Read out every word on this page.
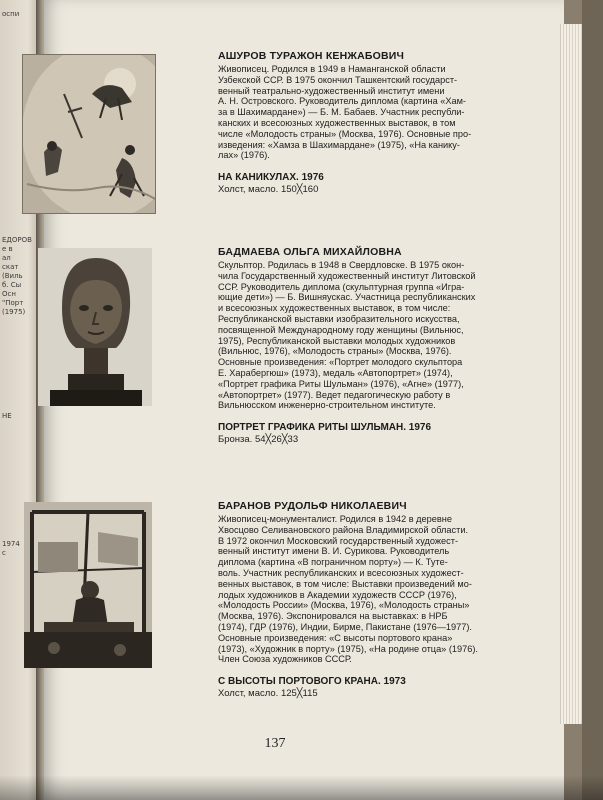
оспи
ЕДОРОВ
е в
ал
скат
(Виль
б. Сы
Осн
"Порт
(1975)
НЕ
1974
с
АШУРОВ ТУРАЖОН КЕНЖАБОВИЧ
Живописец. Родился в 1949 в Наманганской области
Узбекской ССР. В 1975 окончил Ташкентский государст-
венный театрально-художественный институт имени
А. Н. Островского. Руководитель диплома (картина «Хам-
за в Шахимардане») — Б. М. Бабаев. Участник республи-
канских и всесоюзных художественных выставок, в том
числе «Молодость страны» (Москва, 1976). Основные про-
изведения: «Хамза в Шахимардане» (1975), «На канику-
лах» (1976).
НА КАНИКУЛАХ. 1976
Холст, масло. 150╳160
БАДМАЕВА ОЛЬГА МИХАЙЛОВНА
Скульптор. Родилась в 1948 в Свердловске. В 1975 окон-
чила Государственный художественный институт Литовской
ССР. Руководитель диплома (скульптурная группа «Игра-
ющие дети») — Б. Вишняускас. Участница республиканских
и всесоюзных художественных выставок, в том числе:
Республиканской выставки изобразительного искусства,
посвященной Международному году женщины (Вильнюс,
1975), Республиканской выставки молодых художников
(Вильнюс, 1976), «Молодость страны» (Москва, 1976).
Основные произведения: «Портрет молодого скульптора
Е. Харабергюш» (1973), медаль «Автопортрет» (1974),
«Портрет графика Риты Шульман» (1976), «Агне» (1977),
«Автопортрет» (1977). Ведет педагогическую работу в
Вильнюсском инженерно-строительном институте.
ПОРТРЕТ ГРАФИКА РИТЫ ШУЛЬМАН. 1976
Бронза. 54╳26╳33
БАРАНОВ РУДОЛЬФ НИКОЛАЕВИЧ
Живописец-монументалист. Родился в 1942 в деревне
Хвосцово Селивановского района Владимирской области.
В 1972 окончил Московский государственный художест-
венный институт имени В. И. Сурикова. Руководитель
диплома (картина «В пограничном порту») — К. Туте-
воль. Участник республиканских и всесоюзных художест-
венных выставок, в том числе: Выставки произведений мо-
лодых художников в Академии художеств СССР (1976),
«Молодость России» (Москва, 1976), «Молодость страны»
(Москва, 1976). Экспонировался на выставках: в НРБ
(1974), ГДР (1976), Индии, Бирме, Пакистане (1976—1977).
Основные произведения: «С высоты портового крана»
(1973), «Художник в порту» (1975), «На родине отца» (1976).
Член Союза художников СССР.
С ВЫСОТЫ ПОРТОВОГО КРАНА. 1973
Холст, масло. 125╳115
137
